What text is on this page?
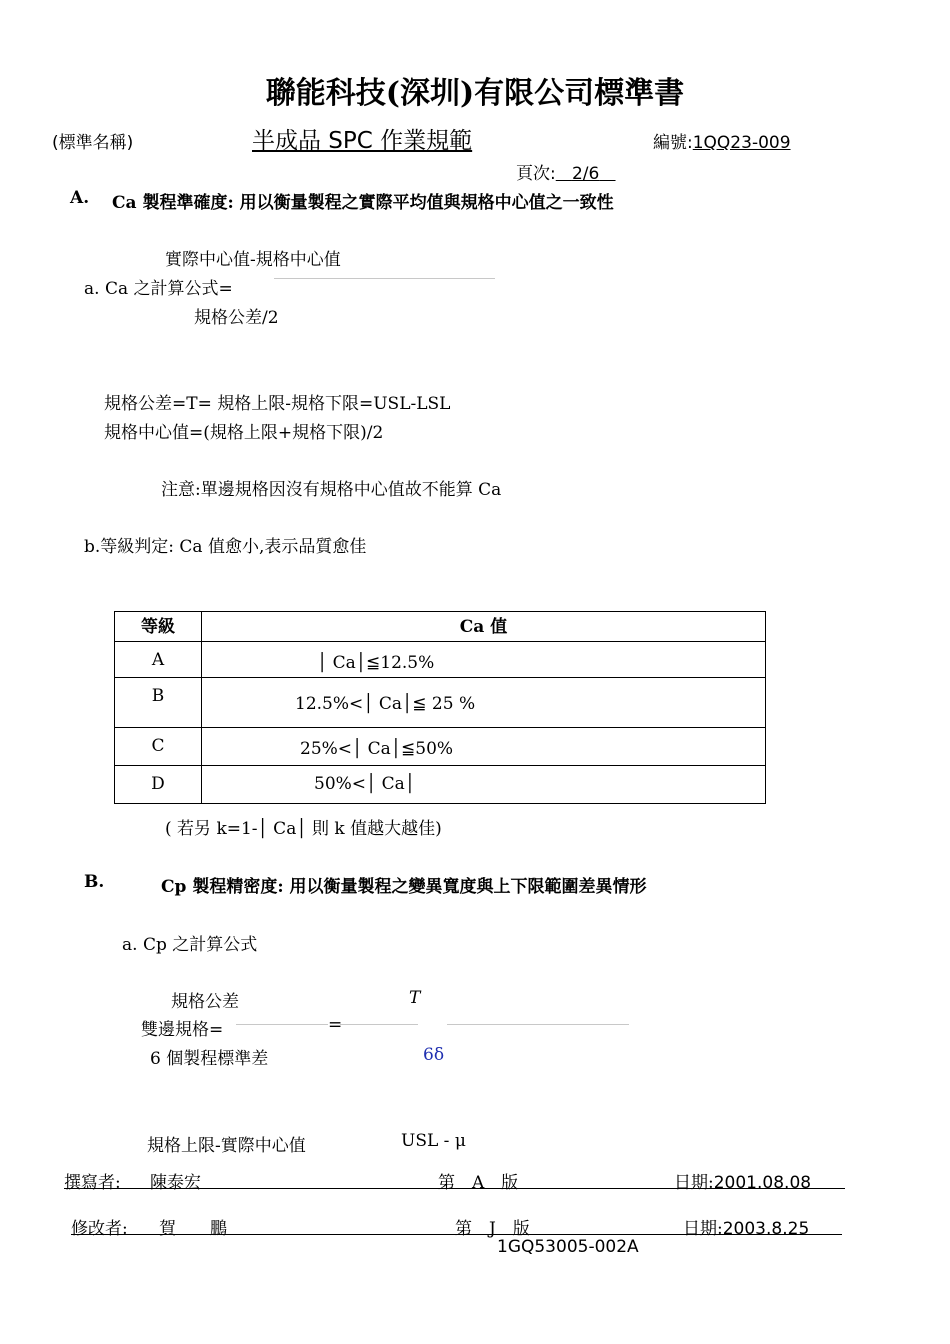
聯能科技(深圳)有限公司標準書
(標準名稱)	半成品 SPC 作業規範	編號:1QQ23-009
頁次: 2/6
A. Ca 製程準確度: 用以衡量製程之實際平均值與規格中心值之一致性
實際中心值-規格中心值
a. Ca 之計算公式=
規格公差/2
規格公差=T= 規格上限-規格下限=USL-LSL
規格中心值=(規格上限+規格下限)/2
注意:單邊規格因沒有規格中心值故不能算 Ca
b.等級判定: Ca 值愈小,表示品質愈佳
等級	Ca 值
A	│ Ca│≦12.5%

B	12.5%<│ Ca│≦ 25 %

C	25%<│ Ca│≦50%

D	50%<│ Ca│
( 若另 k=1-│ Ca│ 則 k 值越大越佳)
B.	Cp 製程精密度: 用以衡量製程之變異寬度與上下限範圍差異情形
a. Cp 之計算公式
規格公差	T
雙邊規格=	=
6 個製程標準差	6δ
規格上限-實際中心值	USL - μ
撰寫者: 陳泰宏	第　A　版	日期:2001.08.08
修改者: 賀　　鵬	第　J　版	日期:2003.8.25
1GQ53005-002A
